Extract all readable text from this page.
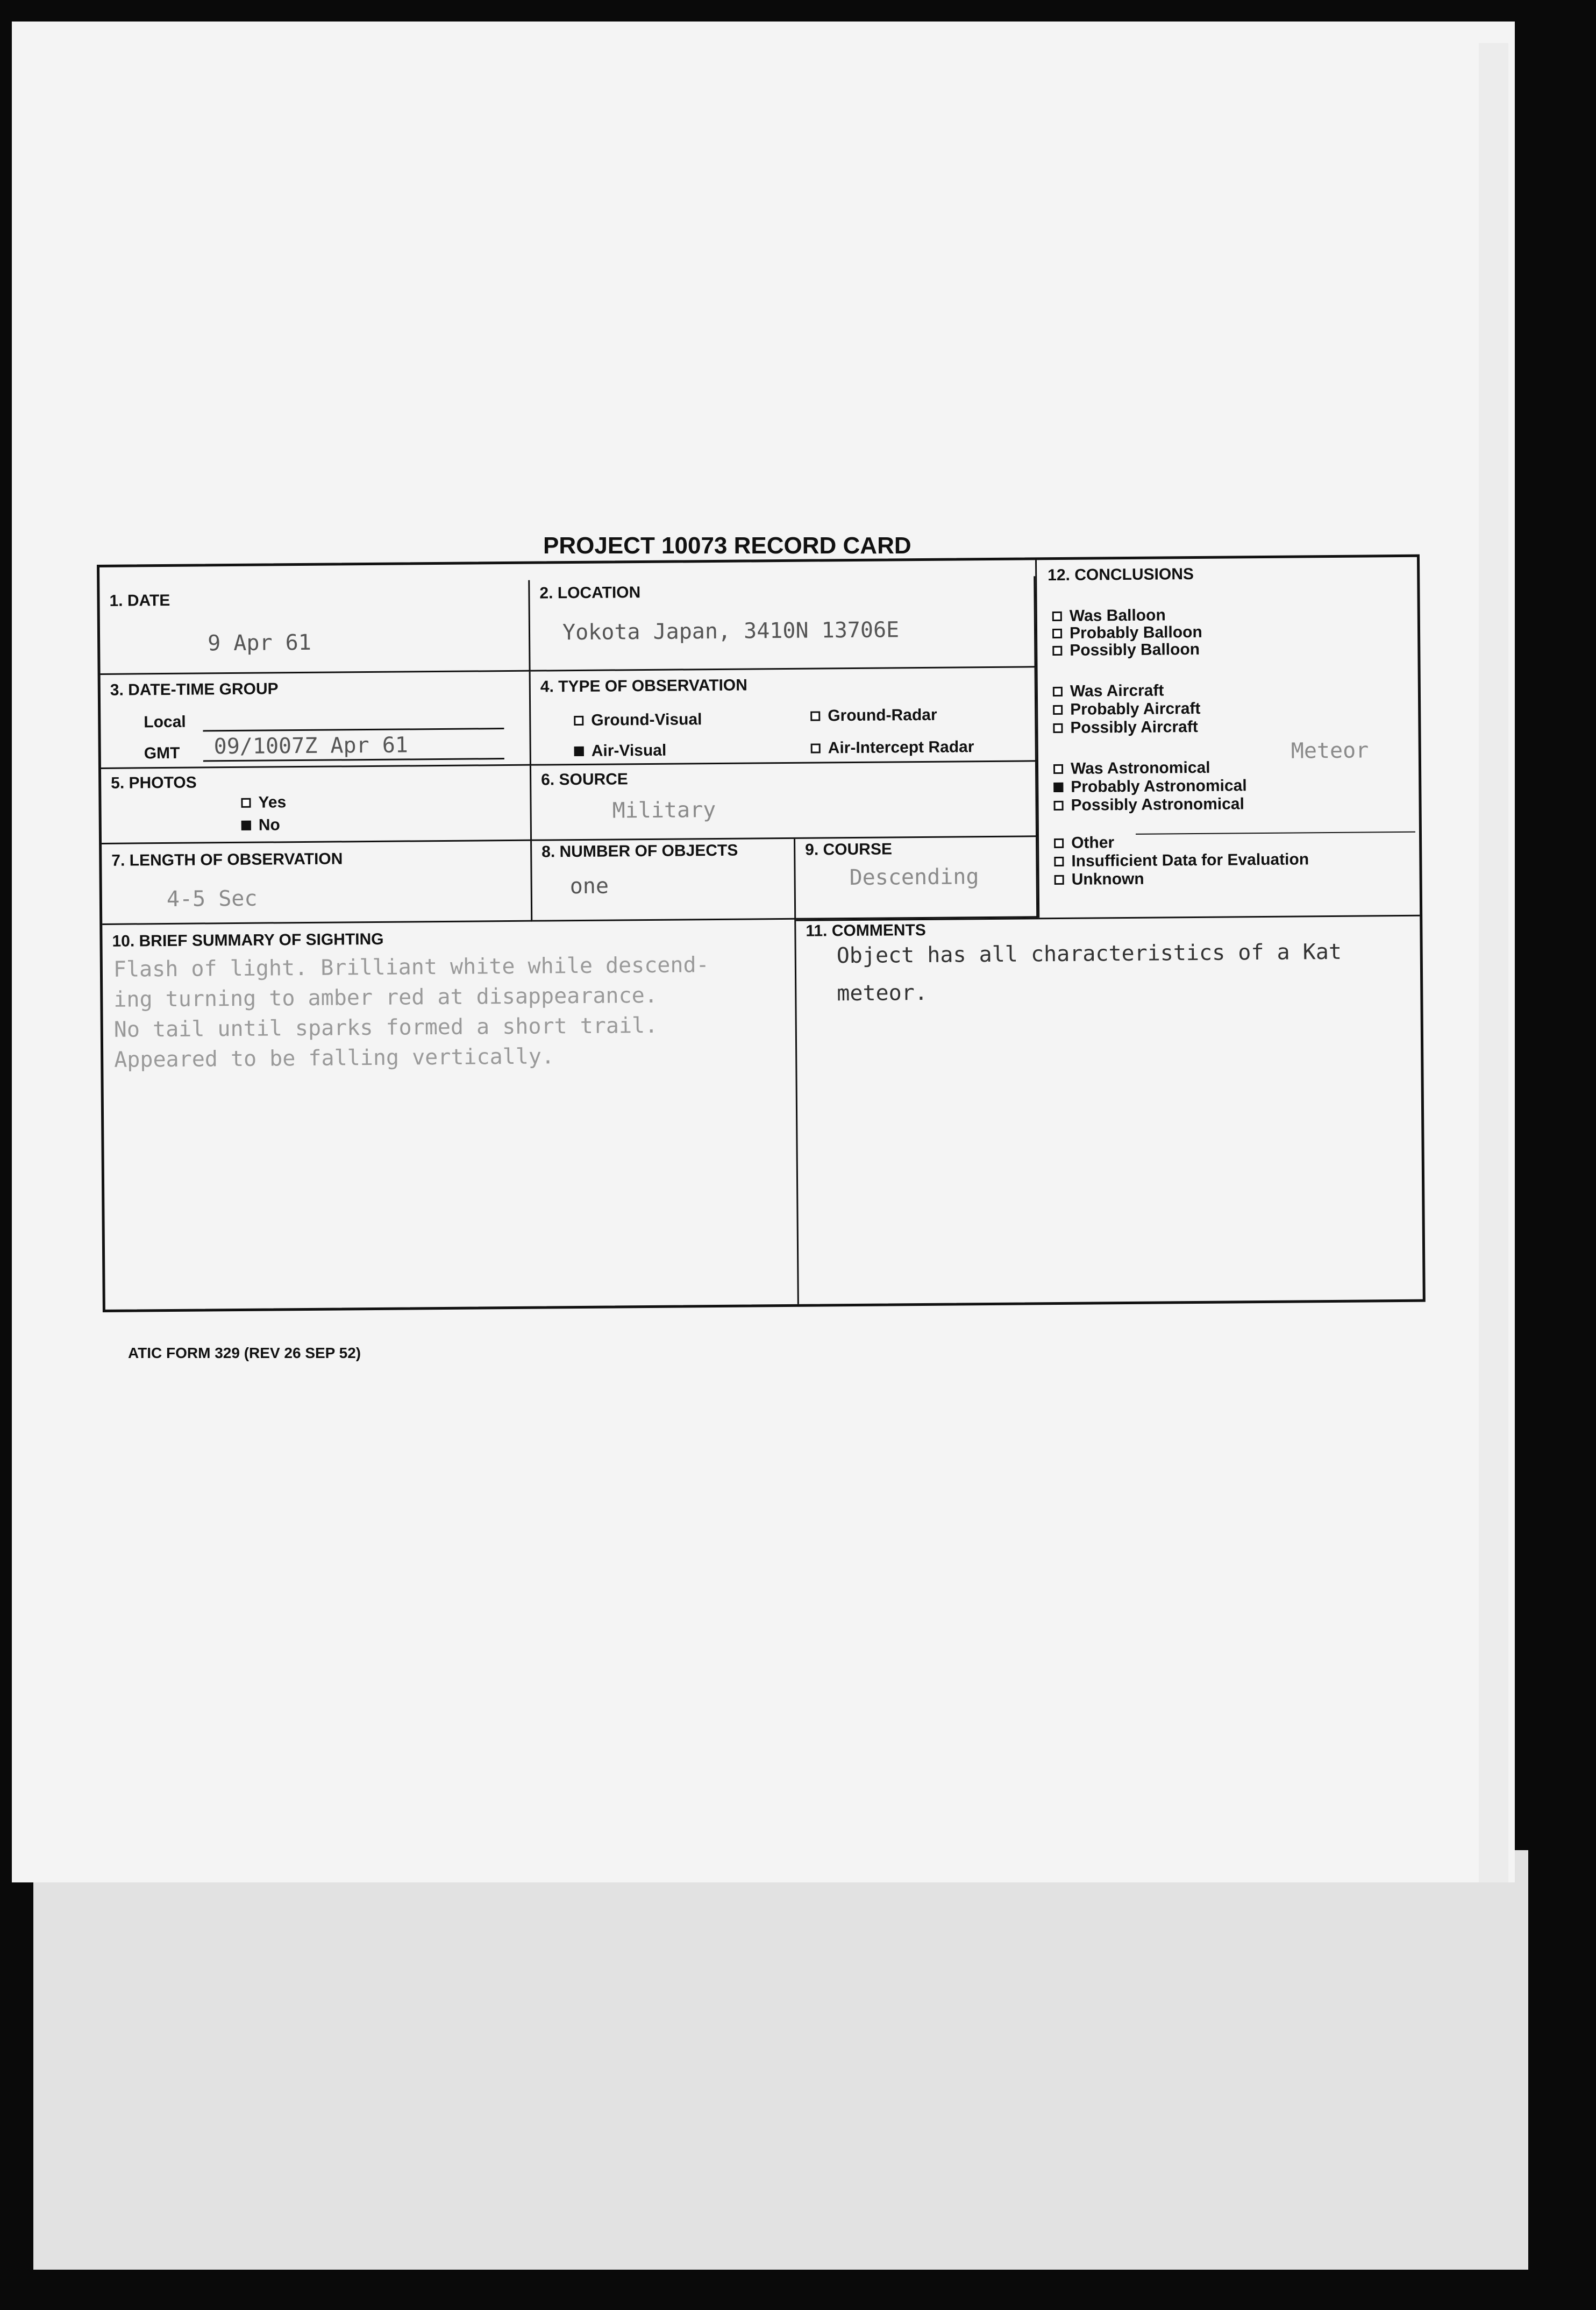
PROJECT 10073 RECORD CARD
1. DATE
9 Apr 61
2. LOCATION
Yokota Japan, 3410N 13706E
3. DATE-TIME GROUP
Local
GMT 09/1007Z Apr 61
4. TYPE OF OBSERVATION
Ground-Visual	Ground-Radar
Air-Visual	Air-Intercept Radar
5. PHOTOS
Yes
No
6. SOURCE
Military
7. LENGTH OF OBSERVATION
4-5 Sec
8. NUMBER OF OBJECTS
one
9. COURSE
Descending
10. BRIEF SUMMARY OF SIGHTING
Flash of light. Brilliant white while descend-
ing turning to amber red at disappearance.
No tail until sparks formed a short trail.
Appeared to be falling vertically.
11. COMMENTS
Object has all characteristics of a Kat
meteor.
12. CONCLUSIONS
Meteor
Was Balloon
Probably Balloon
Possibly Balloon
Was Aircraft
Probably Aircraft
Possibly Aircraft
Was Astronomical
Probably Astronomical
Possibly Astronomical
Other
Insufficient Data for Evaluation
Unknown
ATIC FORM 329 (REV 26 SEP 52)
